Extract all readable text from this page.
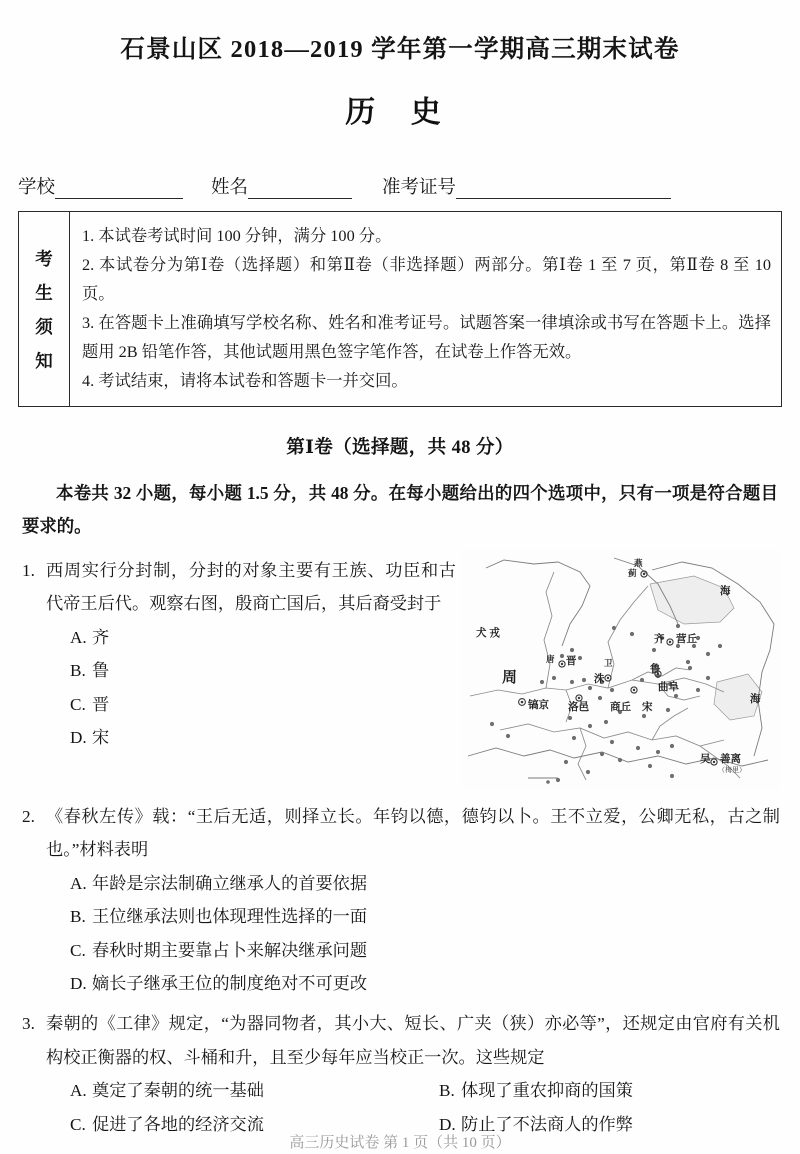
石景山区 2018—2019 学年第一学期高三期末试卷
历 史
学校	姓名	准考证号
考
生
须
知

1. 本试卷考试时间 100 分钟，满分 100 分。

2. 本试卷分为第Ⅰ卷（选择题）和第Ⅱ卷（非选择题）两部分。第Ⅰ卷 1 至 7 页，第Ⅱ卷 8 至 10 页。

3. 在答题卡上准确填写学校名称、姓名和准考证号。试题答案一律填涂或书写在答题卡上。选择题用 2B 铅笔作答，其他试题用黑色签字笔作答，在试卷上作答无效。

4. 考试结束，请将本试卷和答题卡一并交回。

第Ⅰ卷（选择题，共 48 分）
本卷共 32 小题，每小题 1.5 分，共 48 分。在每小题给出的四个选项中，只有一项是符合题目要求的。
1.	燕
蓟
犬 戎
周
镐京 洛邑
唐 晋	卫
洙
齐 营丘
鲁
曲阜
商丘 宋
吴 善离
（梅里）
海
海

西周实行分封制，分封的对象主要有王族、功臣和古代帝王后代。观察右图，殷商亡国后，其后裔受封于

A. 齐
B. 鲁
C. 晋
D. 宋
2. 《春秋左传》载：“王后无适，则择立长。年钧以德，德钧以卜。王不立爱，公卿无私，古之制也。”材料表明

A. 年龄是宗法制确立继承人的首要依据
B. 王位继承法则也体现理性选择的一面
C. 春秋时期主要靠占卜来解决继承问题
D. 嫡长子继承王位的制度绝对不可更改
3. 秦朝的《工律》规定，“为器同物者，其小大、短长、广夹（狭）亦必等”，还规定由官府有关机构校正衡器的权、斗桶和升，且至少每年应当校正一次。这些规定

A. 奠定了秦朝的统一基础	B. 体现了重农抑商的国策
C. 促进了各地的经济交流	D. 防止了不法商人的作弊
高三历史试卷 第 1 页（共 10 页）
